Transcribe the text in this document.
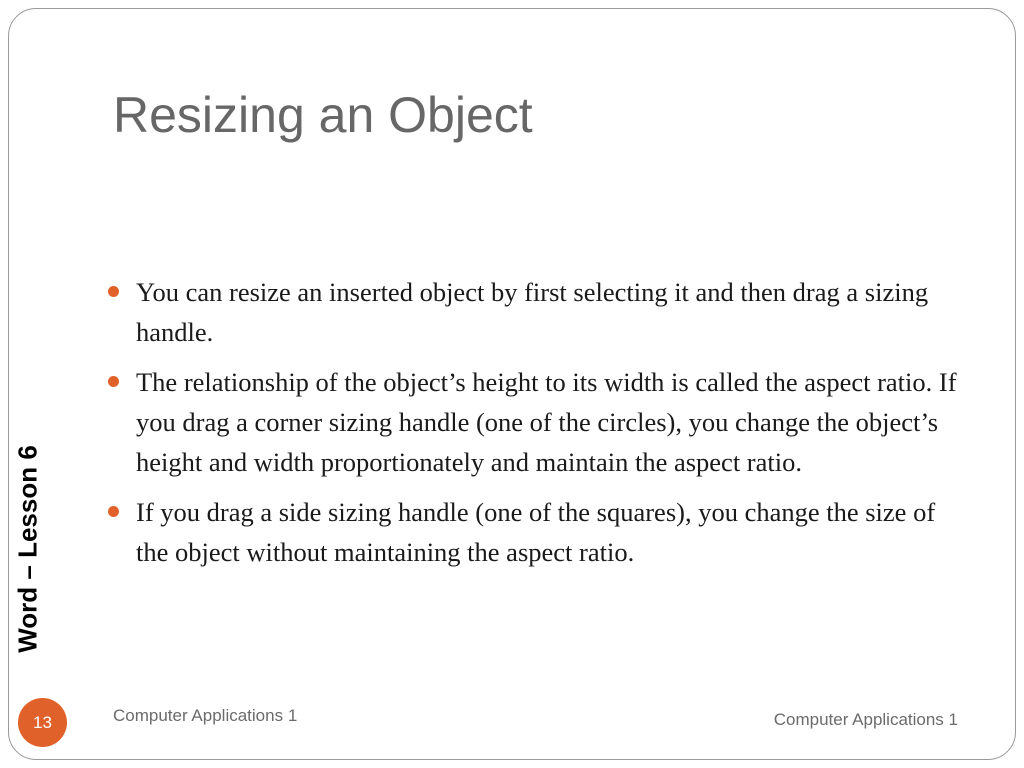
Resizing an Object
You can resize an inserted object by first selecting it and then drag a sizing handle.
The relationship of the object’s height to its width is called the aspect ratio. If you drag a corner sizing handle (one of the circles), you change the object’s height and width proportionately and maintain the aspect ratio.
If you drag a side sizing handle (one of the squares), you change the size of the object without maintaining the aspect ratio.
Word – Lesson 6
13	Computer Applications 1	Computer Applications 1
